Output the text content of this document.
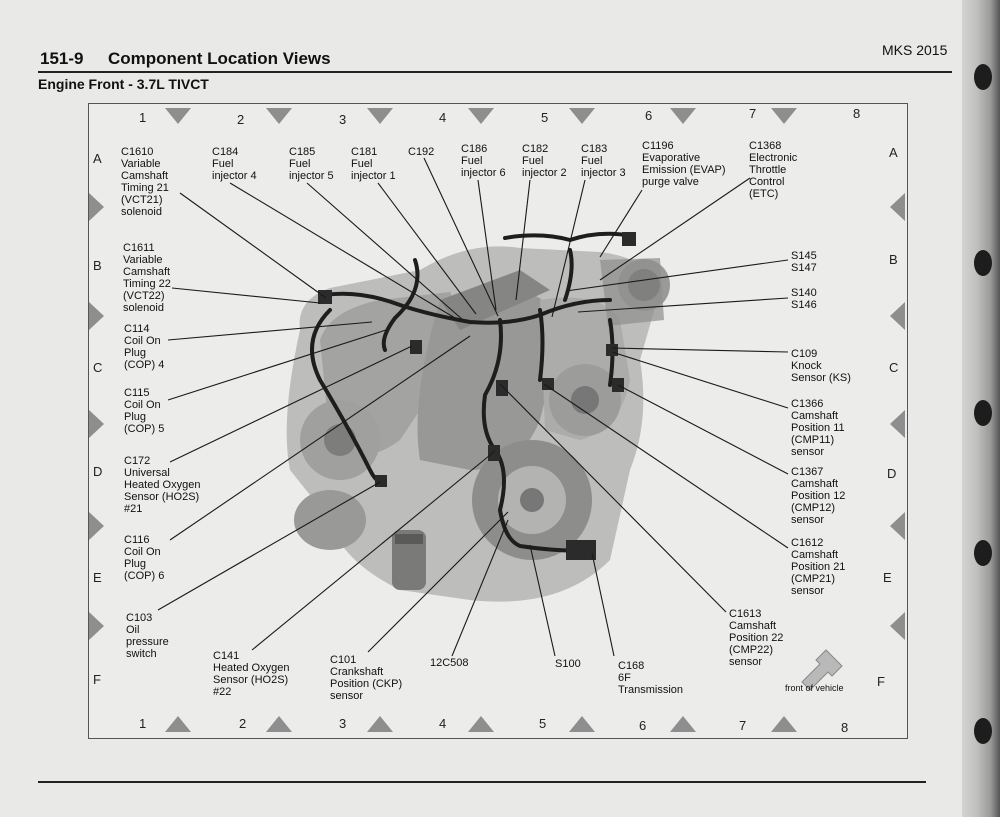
151-9 Component Location Views	MKS 2015
Engine Front - 3.7L TIVCT
1	2	3	4	5	6	7	8
1	2	3	4	5	6	7	8
A
B
C
D
E
F
A
B
C
D
E
F
C1610
Variable
Camshaft
Timing 21
(VCT21)
solenoid
C184
Fuel
injector 4
C185
Fuel
injector 5
C181
Fuel
injector 1
C192 C186
Fuel
injector 6
C182
Fuel
injector 2
C183
Fuel
injector 3
C1196
Evaporative
Emission (EVAP)
purge valve
C1368
Electronic
Throttle
Control
(ETC)
C1611
Variable
Camshaft
Timing 22
(VCT22)
solenoid
C114
Coil On
Plug
(COP) 4
C115
Coil On
Plug
(COP) 5
C172
Universal
Heated Oxygen
Sensor (HO2S)
#21
C116
Coil On
Plug
(COP) 6
C103
Oil
pressure
switch	C141
Heated Oxygen
Sensor (HO2S)
#22
C101
Crankshaft
Position (CKP)
sensor
12C508	S100	C168
6F
Transmission
S145
S147
S140
S146
C109
Knock
Sensor (KS)
C1366
Camshaft
Position 11
(CMP11)
sensor
C1367
Camshaft
Position 12
(CMP12)
sensor
C1612
Camshaft
Position 21
(CMP21)
sensor
C1613
Camshaft
Position 22
(CMP22)
sensor
front of vehicle
